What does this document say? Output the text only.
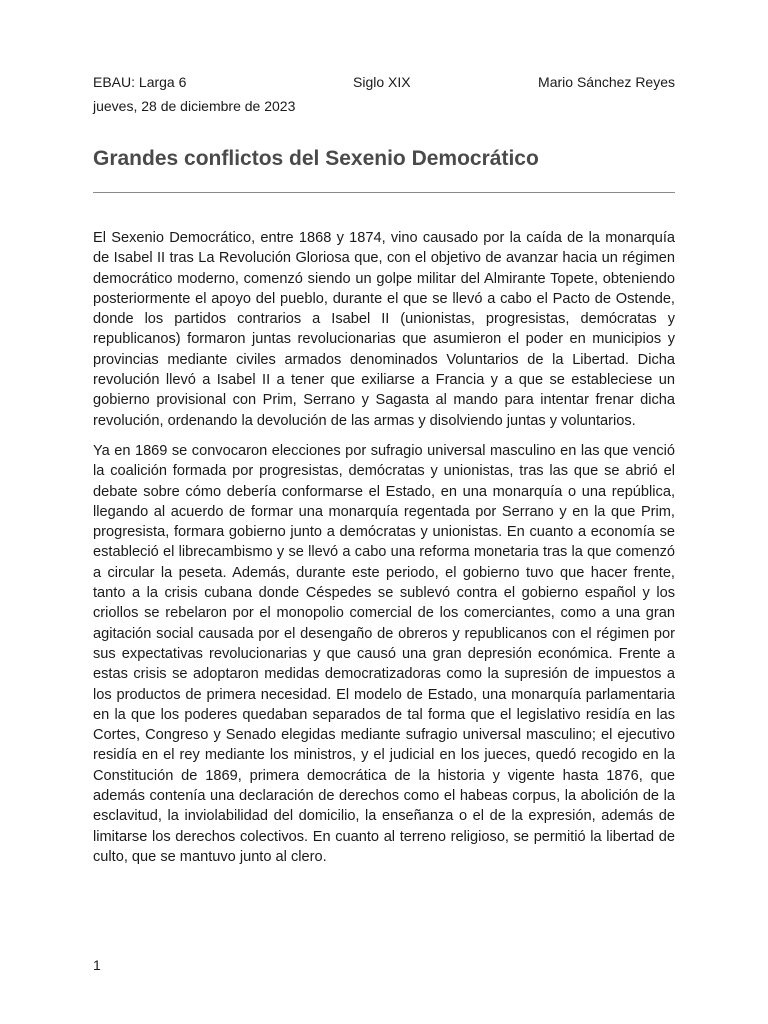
EBAU: Larga 6	Siglo XIX	Mario Sánchez Reyes
jueves, 28 de diciembre de 2023
Grandes conflictos del Sexenio Democrático

El Sexenio Democrático, entre 1868 y 1874, vino causado por la caída de la monarquía de Isabel II tras La Revolución Gloriosa que, con el objetivo de avanzar hacia un régimen democrático moderno, comenzó siendo un golpe militar del Almirante Topete, obteniendo posteriormente el apoyo del pueblo, durante el que se llevó a cabo el Pacto de Ostende, donde los partidos contrarios a Isabel II (unionistas, progresistas, demócratas y republicanos) formaron juntas revolucionarias que asumieron el poder en municipios y provincias mediante civiles armados denominados Voluntarios de la Libertad. Dicha revolución llevó a Isabel II a tener que exiliarse a Francia y a que se estableciese un gobierno provisional con Prim, Serrano y Sagasta al mando para intentar frenar dicha revolución, ordenando la devolución de las armas y disolviendo juntas y voluntarios.

Ya en 1869 se convocaron elecciones por sufragio universal masculino en las que venció la coalición formada por progresistas, demócratas y unionistas, tras las que se abrió el debate sobre cómo debería conformarse el Estado, en una monarquía o una república, llegando al acuerdo de formar una monarquía regentada por Serrano y en la que Prim, progresista, formara gobierno junto a demócratas y unionistas. En cuanto a economía se estableció el librecambismo y se llevó a cabo una reforma monetaria tras la que comenzó a circular la peseta. Además, durante este periodo, el gobierno tuvo que hacer frente, tanto a la crisis cubana donde Céspedes se sublevó contra el gobierno español y los criollos se rebelaron por el monopolio comercial de los comerciantes, como a una gran agitación social causada por el desengaño de obreros y republicanos con el régimen por sus expectativas revolucionarias y que causó una gran depresión económica. Frente a estas crisis se adoptaron medidas democratizadoras como la supresión de impuestos a los productos de primera necesidad. El modelo de Estado, una monarquía parlamentaria en la que los poderes quedaban separados de tal forma que el legislativo residía en las Cortes, Congreso y Senado elegidas mediante sufragio universal masculino; el ejecutivo residía en el rey mediante los ministros, y el judicial en los jueces, quedó recogido en la Constitución de 1869, primera democrática de la historia y vigente hasta 1876, que además contenía una declaración de derechos como el habeas corpus, la abolición de la esclavitud, la inviolabilidad del domicilio, la enseñanza o el de la expresión, además de limitarse los derechos colectivos. En cuanto al terreno religioso, se permitió la libertad de culto, que se mantuvo junto al clero.

1
